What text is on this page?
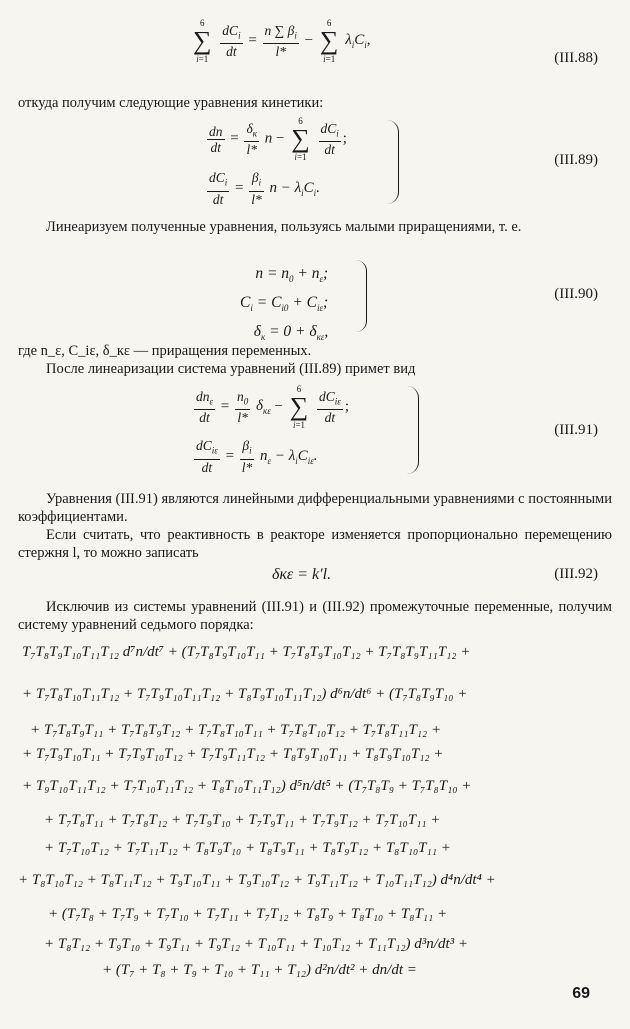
6
∑
i=1
$\frac{dC_i}{dt} = \frac{n \sum \beta_i}{l*}$ −
6
∑
i=1
$\lambda_iC_i$,
(III.88)
откуда получим следующие уравнения кинетики:
$\frac{dn}{dt} = \frac{\delta_к}{l*}$ n −
6
∑
i=1
$\frac{dC_i}{dt}$ ;
$\frac{dC_i}{dt} = \frac{\beta_i}{l*}$ $n - \lambda_iC_i$.
(III.89)
Линеаризуем полученные уравнения, пользуясь малыми приращениями, т. е.
$n = n_0 + n_\varepsilon$;
$C_i = C_{i0} + C_{i\varepsilon}$;
$\delta_к = 0 + \delta_{к\varepsilon}$,
(III.90)
где n_ε, C_iε, δ_кε — приращения переменных.
После линеаризации система уравнений (III.89) примет вид
$\frac{dn_\varepsilon}{dt} = \frac{n_0}{l*} \delta_{к\varepsilon}$ −
6
∑
i=1
$\frac{dC_{i\varepsilon}}{dt}$ ;
$\frac{dC_{i\varepsilon}}{dt} = \frac{\beta_i}{l*} n_\varepsilon - \lambda_iC_{i\varepsilon}$.
(III.91)
Уравнения (III.91) являются линейными дифференциальными уравнениями с постоянными коэффициентами.
Если считать, что реактивность в реакторе изменяется пропорционально перемещению стержня l, то можно записать
δкε = k′l.	(III.92)
Исключив из системы уравнений (III.91) и (III.92) промежуточные переменные, получим систему уравнений седьмого порядка:
T₇T₈T₉T₁₀T₁₁T₁₂ d⁷n/dt⁷ + (T₇T₈T₉T₁₀T₁₁ + T₇T₈T₉T₁₀T₁₂ + T₇T₈T₉T₁₁T₁₂ +
+ T₇T₈T₁₀T₁₁T₁₂ + T₇T₉T₁₀T₁₁T₁₂ + T₈T₉T₁₀T₁₁T₁₂) d⁶n/dt⁶ + (T₇T₈T₉T₁₀ +
+ T₇T₈T₉T₁₁ + T₇T₈T₉T₁₂ + T₇T₈T₁₀T₁₁ + T₇T₈T₁₀T₁₂ + T₇T₈T₁₁T₁₂ +
+ T₇T₉T₁₀T₁₁ + T₇T₉T₁₀T₁₂ + T₇T₉T₁₁T₁₂ + T₈T₉T₁₀T₁₁ + T₈T₉T₁₀T₁₂ +
+ T₉T₁₀T₁₁T₁₂ + T₇T₁₀T₁₁T₁₂ + T₈T₁₀T₁₁T₁₂) d⁵n/dt⁵ + (T₇T₈T₉ + T₇T₈T₁₀ +
+ T₇T₈T₁₁ + T₇T₈T₁₂ + T₇T₉T₁₀ + T₇T₉T₁₁ + T₇T₉T₁₂ + T₇T₁₀T₁₁ +
+ T₇T₁₀T₁₂ + T₇T₁₁T₁₂ + T₈T₉T₁₀ + T₈T₉T₁₁ + T₈T₉T₁₂ + T₈T₁₀T₁₁ +
+ T₈T₁₀T₁₂ + T₈T₁₁T₁₂ + T₉T₁₀T₁₁ + T₉T₁₀T₁₂ + T₉T₁₁T₁₂ + T₁₀T₁₁T₁₂) d⁴n/dt⁴ +
+ (T₇T₈ + T₇T₉ + T₇T₁₀ + T₇T₁₁ + T₇T₁₂ + T₈T₉ + T₈T₁₀ + T₈T₁₁ +
+ T₈T₁₂ + T₉T₁₀ + T₉T₁₁ + T₉T₁₂ + T₁₀T₁₁ + T₁₀T₁₂ + T₁₁T₁₂) d³n/dt³ +
+ (T₇ + T₈ + T₉ + T₁₀ + T₁₁ + T₁₂) d²n/dt² + dn/dt =
69
